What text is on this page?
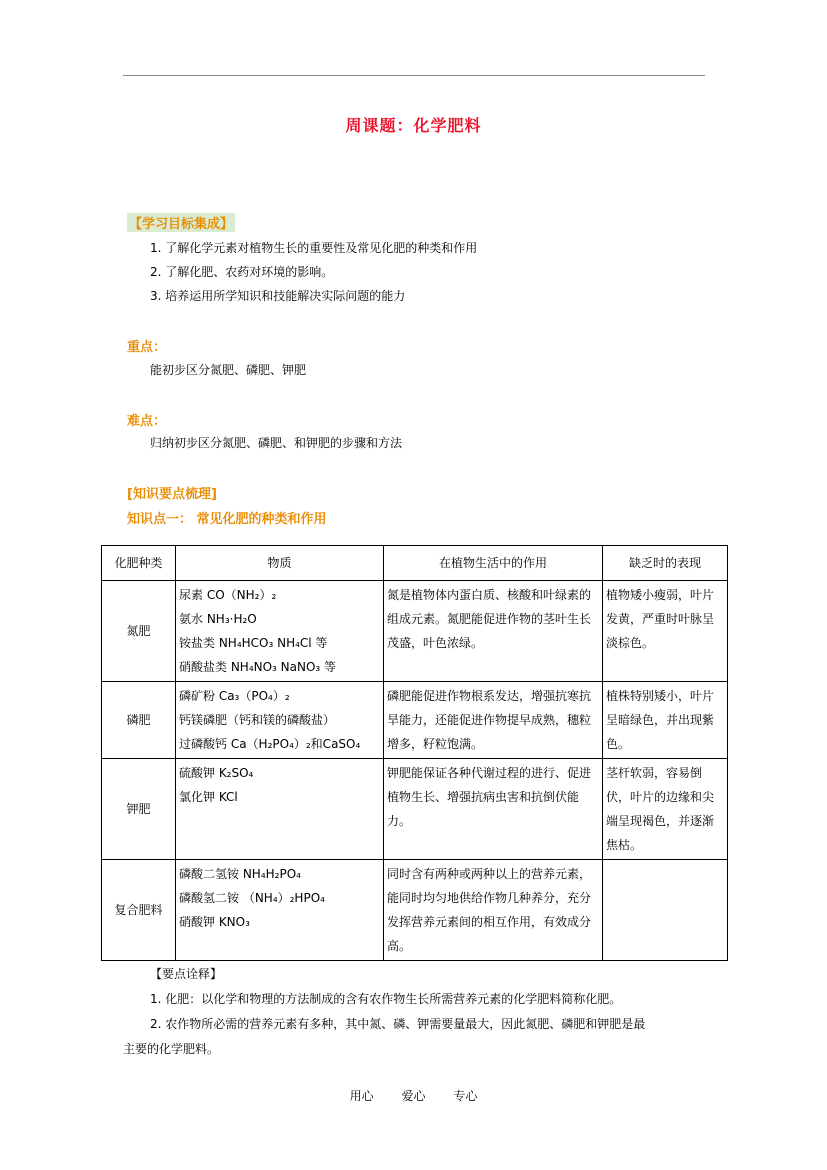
周课题：化学肥料
【学习目标集成】
1. 了解化学元素对植物生长的重要性及常见化肥的种类和作用
2. 了解化肥、农药对环境的影响。
3. 培养运用所学知识和技能解决实际问题的能力
重点：
能初步区分氮肥、磷肥、钾肥
难点：
归纳初步区分氮肥、磷肥、和钾肥的步骤和方法
[知识要点梳理]
知识点一： 常见化肥的种类和作用
化肥种类	物质	在植物生活中的作用	缺乏时的表现
氮肥	尿素 CO（NH₂）₂
氨水 NH₃·H₂O
铵盐类 NH₄HCO₃ NH₄Cl 等
硝酸盐类 NH₄NO₃ NaNO₃ 等	氮是植物体内蛋白质、核酸和叶绿素的组成元素。氮肥能促进作物的茎叶生长茂盛，叶色浓绿。	植物矮小瘦弱，叶片发黄，严重时叶脉呈淡棕色。
磷肥	磷矿粉 Ca₃（PO₄）₂
钙镁磷肥（钙和镁的磷酸盐）
过磷酸钙 Ca（H₂PO₄）₂和CaSO₄	磷肥能促进作物根系发达，增强抗寒抗旱能力，还能促进作物提早成熟，穗粒增多，籽粒饱满。	植株特别矮小，叶片呈暗绿色，并出现紫色。
钾肥	硫酸钾 K₂SO₄
氯化钾 KCl	钾肥能保证各种代谢过程的进行、促进植物生长、增强抗病虫害和抗倒伏能力。	茎杆软弱，容易倒伏，叶片的边缘和尖端呈现褐色，并逐渐焦枯。
复合肥料	磷酸二氢铵 NH₄H₂PO₄
磷酸氢二铵 （NH₄）₂HPO₄
硝酸钾 KNO₃	同时含有两种或两种以上的营养元素，能同时均匀地供给作物几种养分，充分发挥营养元素间的相互作用，有效成分高。	
【要点诠释】
1. 化肥：以化学和物理的方法制成的含有农作物生长所需营养元素的化学肥料简称化肥。
2. 农作物所必需的营养元素有多种，其中氮、磷、钾需要量最大，因此氮肥、磷肥和钾肥是最
主要的化学肥料。
用心 爱心 专心
